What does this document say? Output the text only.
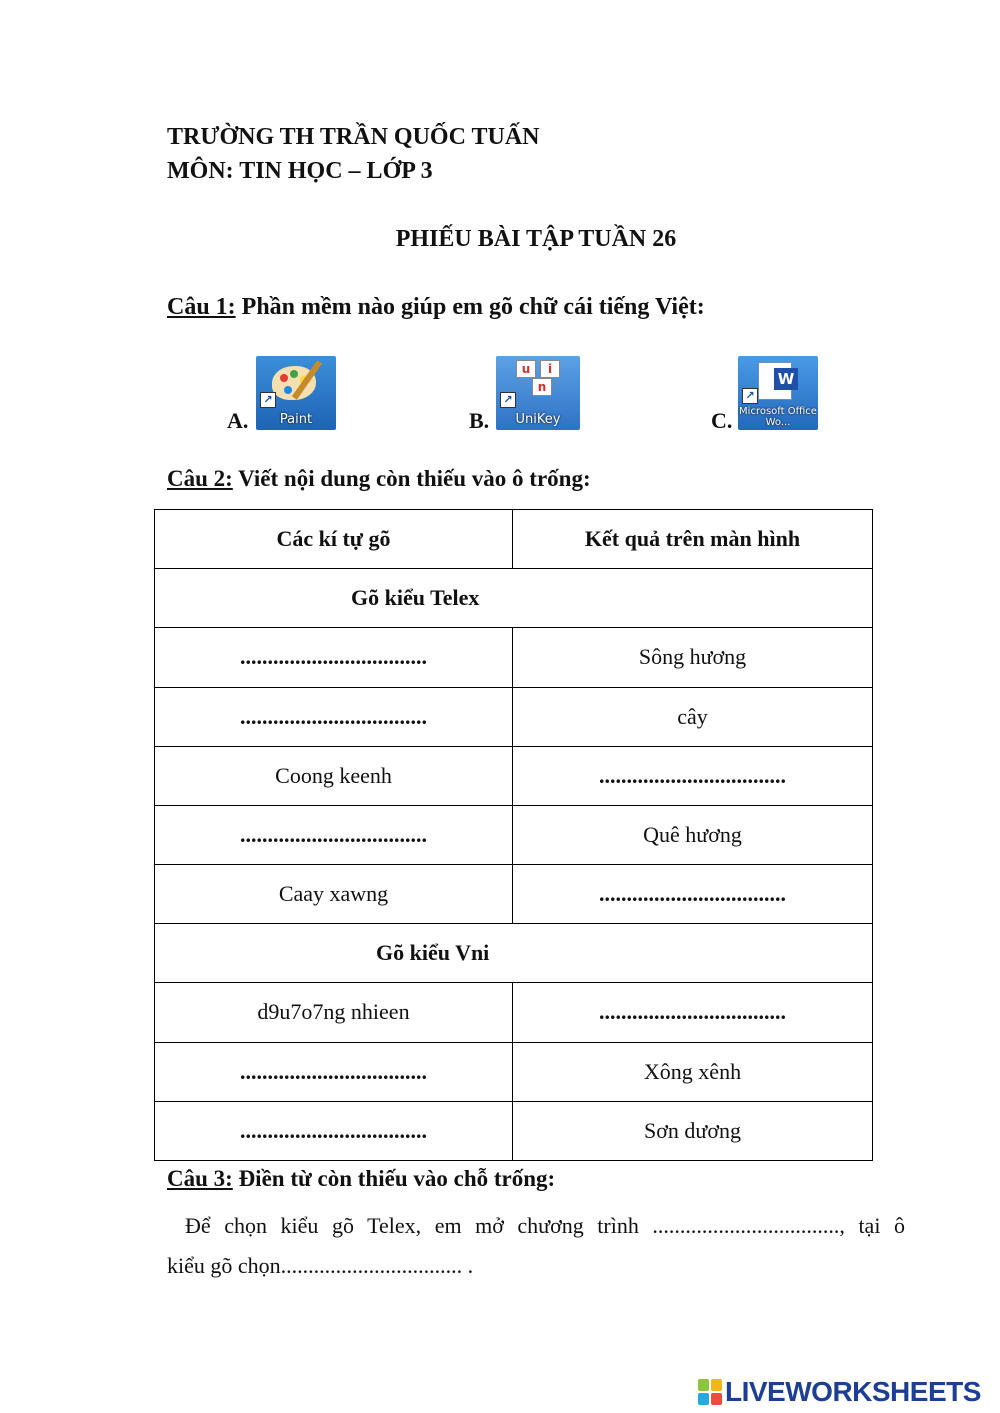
TRƯỜNG TH TRẦN QUỐC TUẤN
MÔN: TIN HỌC – LỚP 3
PHIẾU BÀI TẬP TUẦN 26
Câu 1: Phần mềm nào giúp em gõ chữ cái tiếng Việt:
A.
↗
Paint	B.
u	i
n
↗
UniKey	C.
W
↗
Microsoft Office Wo...
Câu 2: Viết nội dung còn thiếu vào ô trống:
Các kí tự gõ	Kết quả trên màn hình
Gõ kiểu Telex	
..................................	Sông hương
..................................	cây
Coong keenh	..................................
..................................	Quê hương
Caay xawng	..................................
Gõ kiểu Vni	
d9u7o7ng nhieen	..................................
..................................	Xông xênh
..................................	Sơn dương
Câu 3: Điền từ còn thiếu vào chỗ trống:
Để chọn kiểu gõ Telex, em mở chương trình .................................., tại ô
kiểu gõ chọn................................. .
LIVEWORKSHEETS
